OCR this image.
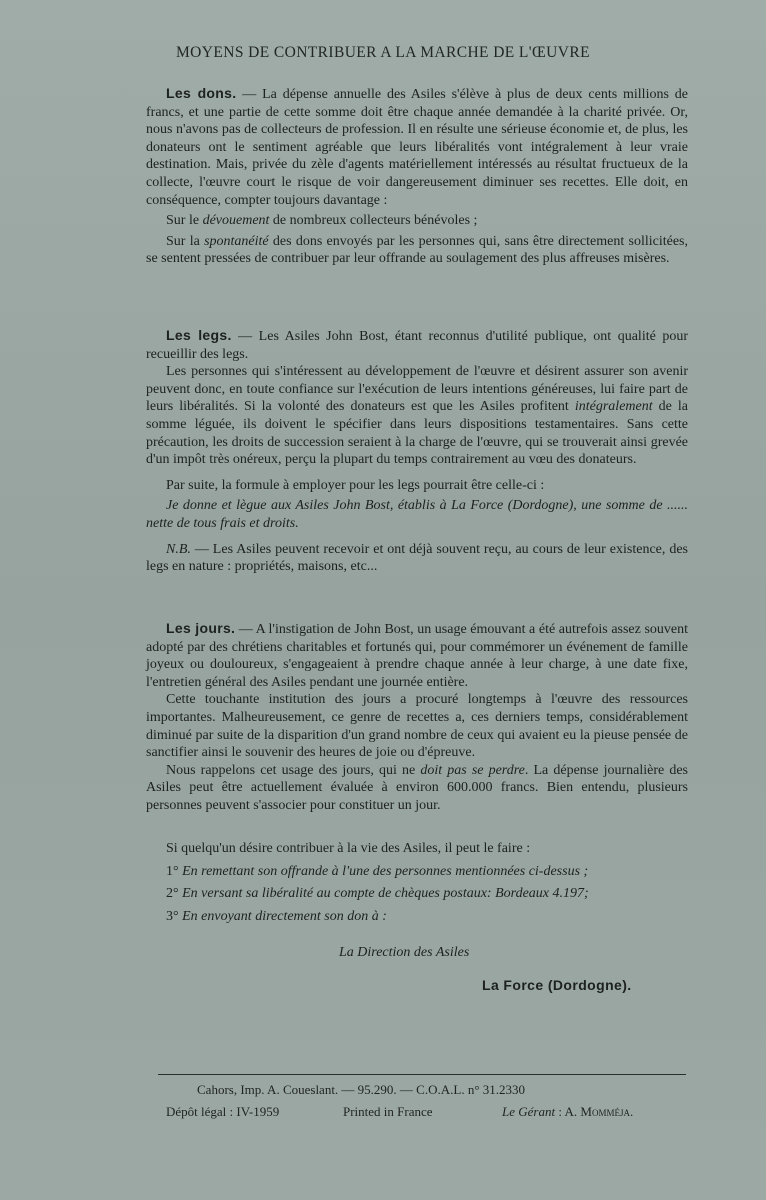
MOYENS DE CONTRIBUER A LA MARCHE DE L'ŒUVRE

Les dons. — La dépense annuelle des Asiles s'élève à plus de deux cents millions de francs, et une partie de cette somme doit être chaque année demandée à la charité privée. Or, nous n'avons pas de collecteurs de profession. Il en résulte une sérieuse économie et, de plus, les donateurs ont le sentiment agréable que leurs libéralités vont intégralement à leur vraie destination. Mais, privée du zèle d'agents matériellement intéressés au résultat fructueux de la collecte, l'œuvre court le risque de voir dangereusement diminuer ses recettes. Elle doit, en conséquence, compter toujours davantage :

Sur le dévouement de nombreux collecteurs bénévoles ;

Sur la spontanéité des dons envoyés par les personnes qui, sans être directement sollicitées, se sentent pressées de contribuer par leur offrande au soulagement des plus affreuses misères.

Les legs. — Les Asiles John Bost, étant reconnus d'utilité publique, ont qualité pour recueillir des legs.

Les personnes qui s'intéressent au développement de l'œuvre et désirent assurer son avenir peuvent donc, en toute confiance sur l'exécution de leurs intentions généreuses, lui faire part de leurs libéralités. Si la volonté des donateurs est que les Asiles profitent intégralement de la somme léguée, ils doivent le spécifier dans leurs dispositions testamentaires. Sans cette précaution, les droits de succession seraient à la charge de l'œuvre, qui se trouverait ainsi grevée d'un impôt très onéreux, perçu la plupart du temps contrairement au vœu des donateurs.

Par suite, la formule à employer pour les legs pourrait être celle-ci :

Je donne et lègue aux Asiles John Bost, établis à La Force (Dordogne), une somme de ...... nette de tous frais et droits.

N.B. — Les Asiles peuvent recevoir et ont déjà souvent reçu, au cours de leur existence, des legs en nature : propriétés, maisons, etc...

Les jours. — A l'instigation de John Bost, un usage émouvant a été autrefois assez souvent adopté par des chrétiens charitables et fortunés qui, pour commémorer un événement de famille joyeux ou douloureux, s'engageaient à prendre chaque année à leur charge, à une date fixe, l'entretien général des Asiles pendant une journée entière.

Cette touchante institution des jours a procuré longtemps à l'œuvre des ressources importantes. Malheureusement, ce genre de recettes a, ces derniers temps, considérablement diminué par suite de la disparition d'un grand nombre de ceux qui avaient eu la pieuse pensée de sanctifier ainsi le souvenir des heures de joie ou d'épreuve.

Nous rappelons cet usage des jours, qui ne doit pas se perdre. La dépense journalière des Asiles peut être actuellement évaluée à environ 600.000 francs. Bien entendu, plusieurs personnes peuvent s'associer pour constituer un jour.

Si quelqu'un désire contribuer à la vie des Asiles, il peut le faire :

1° En remettant son offrande à l'une des personnes mentionnées ci-dessus ;

2° En versant sa libéralité au compte de chèques postaux: Bordeaux 4.197;

3° En envoyant directement son don à :

La Direction des Asiles
La Force (Dordogne).
Cahors, Imp. A. Coueslant. — 95.290. — C.O.A.L. n° 31.2330
Dépôt légal : IV-1959	Printed in France	Le Gérant : A. Momméja.
